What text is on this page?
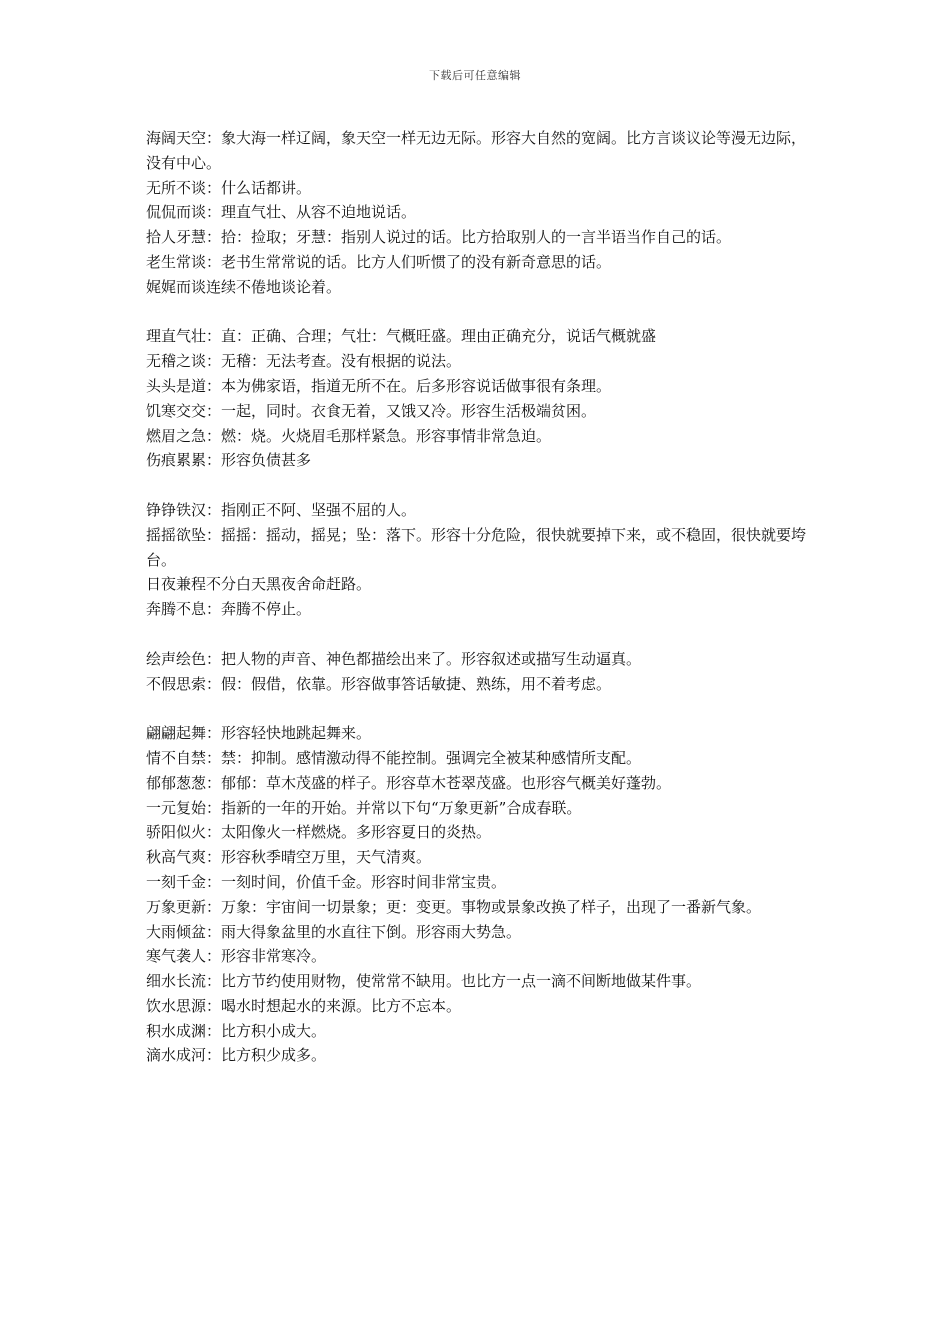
下载后可任意编辑

海阔天空：象大海一样辽阔，象天空一样无边无际。形容大自然的宽阔。比方言谈议论等漫无边际，没有中心。

无所不谈：什么话都讲。

侃侃而谈：理直气壮、从容不迫地说话。

拾人牙慧：拾：捡取；牙慧：指别人说过的话。比方拾取别人的一言半语当作自己的话。

老生常谈：老书生常常说的话。比方人们听惯了的没有新奇意思的话。

娓娓而谈连续不倦地谈论着。

理直气壮：直：正确、合理；气壮：气概旺盛。理由正确充分，说话气概就盛

无稽之谈：无稽：无法考查。没有根据的说法。

头头是道：本为佛家语，指道无所不在。后多形容说话做事很有条理。

饥寒交交：一起，同时。衣食无着，又饿又冷。形容生活极端贫困。

燃眉之急：燃：烧。火烧眉毛那样紧急。形容事情非常急迫。

伤痕累累：形容负债甚多

铮铮铁汉：指刚正不阿、坚强不屈的人。

摇摇欲坠：摇摇：摇动，摇晃；坠：落下。形容十分危险，很快就要掉下来，或不稳固，很快就要垮台。

日夜兼程不分白天黑夜舍命赶路。

奔腾不息：奔腾不停止。

绘声绘色：把人物的声音、神色都描绘出来了。形容叙述或描写生动逼真。

不假思索：假：假借，依靠。形容做事答话敏捷、熟练，用不着考虑。

翩翩起舞：形容轻快地跳起舞来。

情不自禁：禁：抑制。感情激动得不能控制。强调完全被某种感情所支配。

郁郁葱葱：郁郁：草木茂盛的样子。形容草木苍翠茂盛。也形容气概美好蓬勃。

一元复始：指新的一年的开始。并常以下句“万象更新”合成春联。

骄阳似火：太阳像火一样燃烧。多形容夏日的炎热。

秋高气爽：形容秋季晴空万里，天气清爽。

一刻千金：一刻时间，价值千金。形容时间非常宝贵。

万象更新：万象：宇宙间一切景象；更：变更。事物或景象改换了样子，出现了一番新气象。

大雨倾盆：雨大得象盆里的水直往下倒。形容雨大势急。

寒气袭人：形容非常寒冷。

细水长流：比方节约使用财物，使常常不缺用。也比方一点一滴不间断地做某件事。

饮水思源：喝水时想起水的来源。比方不忘本。

积水成渊：比方积小成大。

滴水成河：比方积少成多。
